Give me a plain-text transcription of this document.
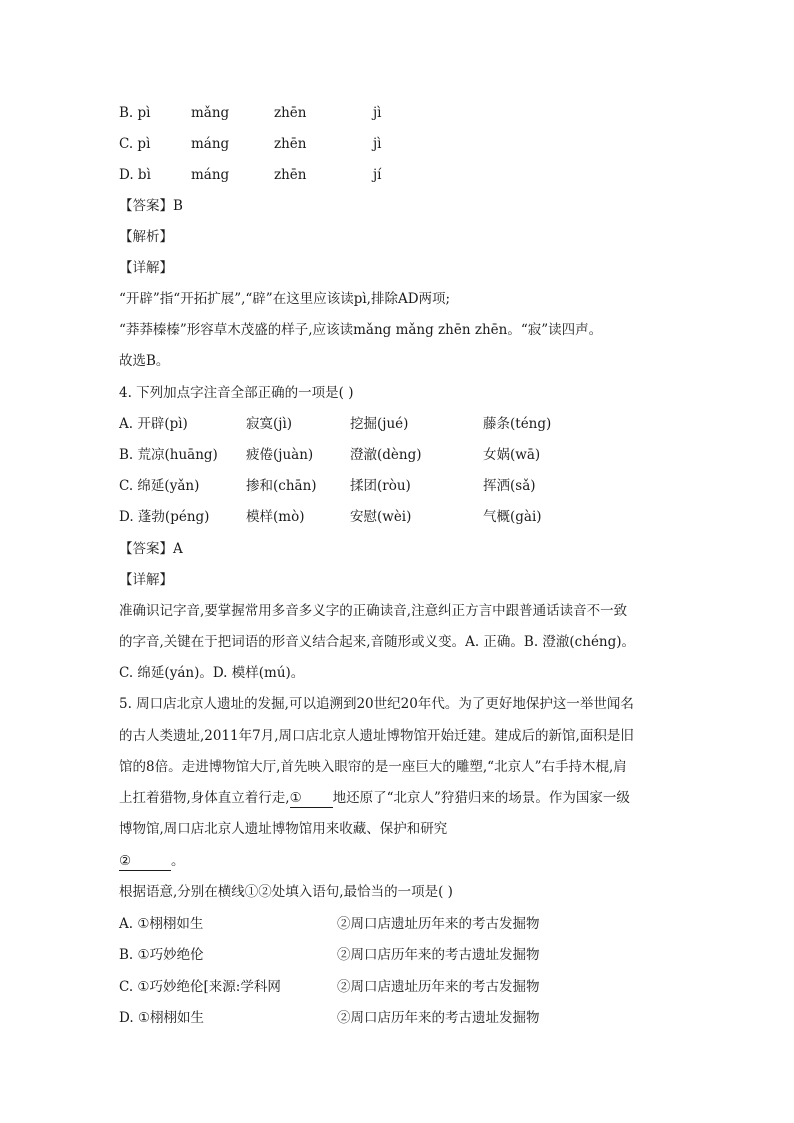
B. pì	mǎng	zhēn	jì
C. pì	máng	zhēn	jì
D. bì	máng	zhēn	jí
【答案】B
【解析】
【详解】
“开辟”指“开拓扩展”,“辟”在这里应该读pì,排除AD两项;
“莽莽榛榛”形容草木茂盛的样子,应该读mǎng mǎng zhēn zhēn。“寂”读四声。
故选B。
4. 下列加点字注音全部正确的一项是( )
A. 开辟(pì)	寂寞(jì)	挖掘(jué)	藤条(téng)
B. 荒凉(huāng) 疲倦(juàn)	澄澈(dèng)	女娲(wā)
C. 绵延(yǎn)	掺和(chān) 揉团(ròu)	挥洒(sǎ)
D. 蓬勃(péng)	模样(mò)	安慰(wèi)	气概(gài)
【答案】A
【详解】
准确识记字音,要掌握常用多音多义字的正确读音,注意纠正方言中跟普通话读音不一致
的字音,关键在于把词语的形音义结合起来,音随形或义变。A. 正确。B. 澄澈(chéng)。
C. 绵延(yán)。D. 模样(mú)。
5. 周口店北京人遗址的发掘,可以追溯到20世纪20年代。为了更好地保护这一举世闻名
的古人类遗址,2011年7月,周口店北京人遗址博物馆开始迁建。建成后的新馆,面积是旧
馆的8倍。走进博物馆大厅,首先映入眼帘的是一座巨大的雕塑,“北京人”右手持木棍,肩
上扛着猎物,身体直立着行走,① 地还原了“北京人”狩猎归来的场景。作为国家一级
博物馆,周口店北京人遗址博物馆用来收藏、保护和研究
②	。
根据语意,分别在横线①②处填入语句,最恰当的一项是( )
A. ①栩栩如生	②周口店遗址历年来的考古发掘物
B. ①巧妙绝伦	②周口店历年来的考古遗址发掘物
C. ①巧妙绝伦[来源:学科网	②周口店遗址历年来的考古发掘物
D. ①栩栩如生	②周口店历年来的考古遗址发掘物
